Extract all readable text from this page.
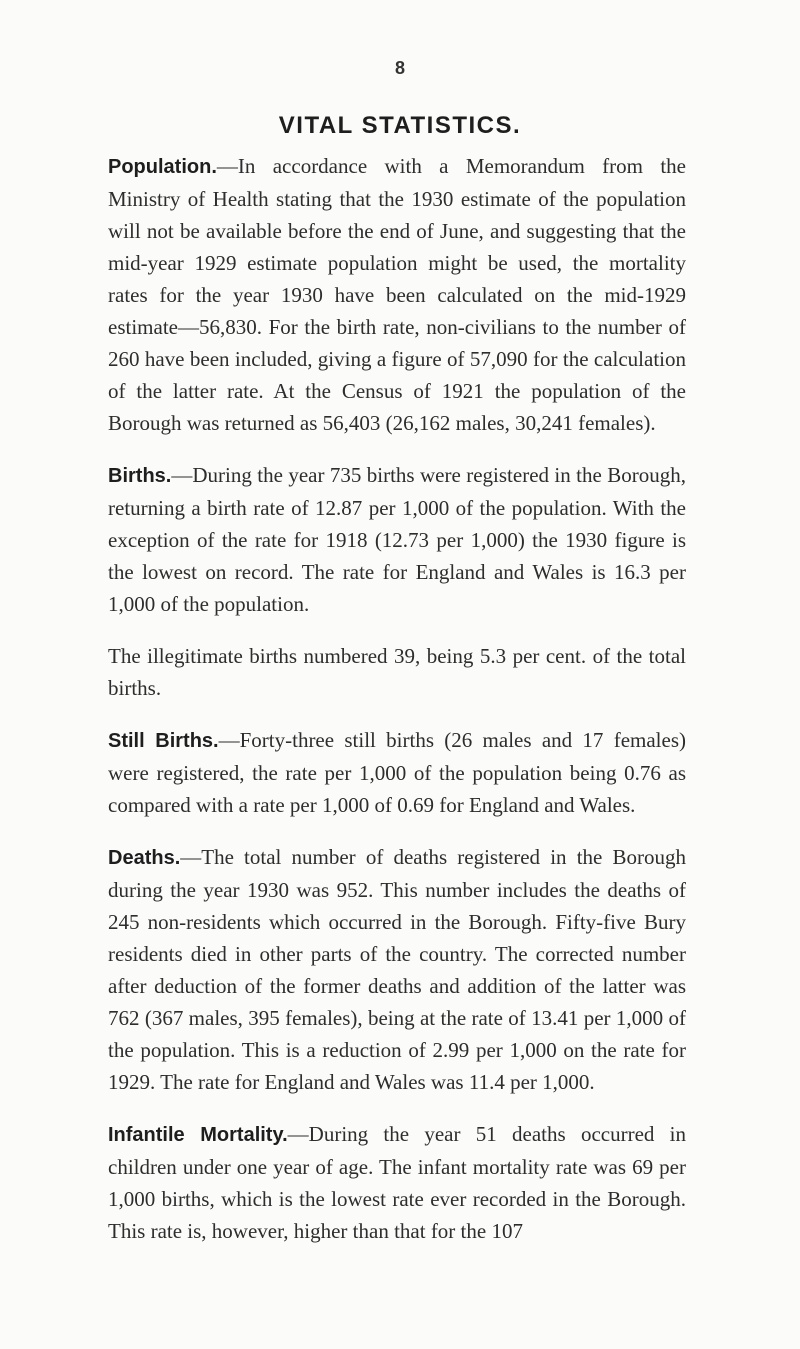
8
VITAL STATISTICS.

Population.—In accordance with a Memorandum from the Ministry of Health stating that the 1930 estimate of the population will not be available before the end of June, and suggesting that the mid-year 1929 estimate population might be used, the mortality rates for the year 1930 have been calculated on the mid-1929 estimate—56,830. For the birth rate, non-civilians to the number of 260 have been included, giving a figure of 57,090 for the calculation of the latter rate. At the Census of 1921 the population of the Borough was returned as 56,403 (26,162 males, 30,241 females).

Births.—During the year 735 births were registered in the Borough, returning a birth rate of 12.87 per 1,000 of the population. With the exception of the rate for 1918 (12.73 per 1,000) the 1930 figure is the lowest on record. The rate for England and Wales is 16.3 per 1,000 of the population.

The illegitimate births numbered 39, being 5.3 per cent. of the total births.

Still Births.—Forty-three still births (26 males and 17 females) were registered, the rate per 1,000 of the population being 0.76 as compared with a rate per 1,000 of 0.69 for England and Wales.

Deaths.—The total number of deaths registered in the Borough during the year 1930 was 952. This number includes the deaths of 245 non-residents which occurred in the Borough. Fifty-five Bury residents died in other parts of the country. The corrected number after deduction of the former deaths and addition of the latter was 762 (367 males, 395 females), being at the rate of 13.41 per 1,000 of the population. This is a reduction of 2.99 per 1,000 on the rate for 1929. The rate for England and Wales was 11.4 per 1,000.

Infantile Mortality.—During the year 51 deaths occurred in children under one year of age. The infant mortality rate was 69 per 1,000 births, which is the lowest rate ever recorded in the Borough. This rate is, however, higher than that for the 107
